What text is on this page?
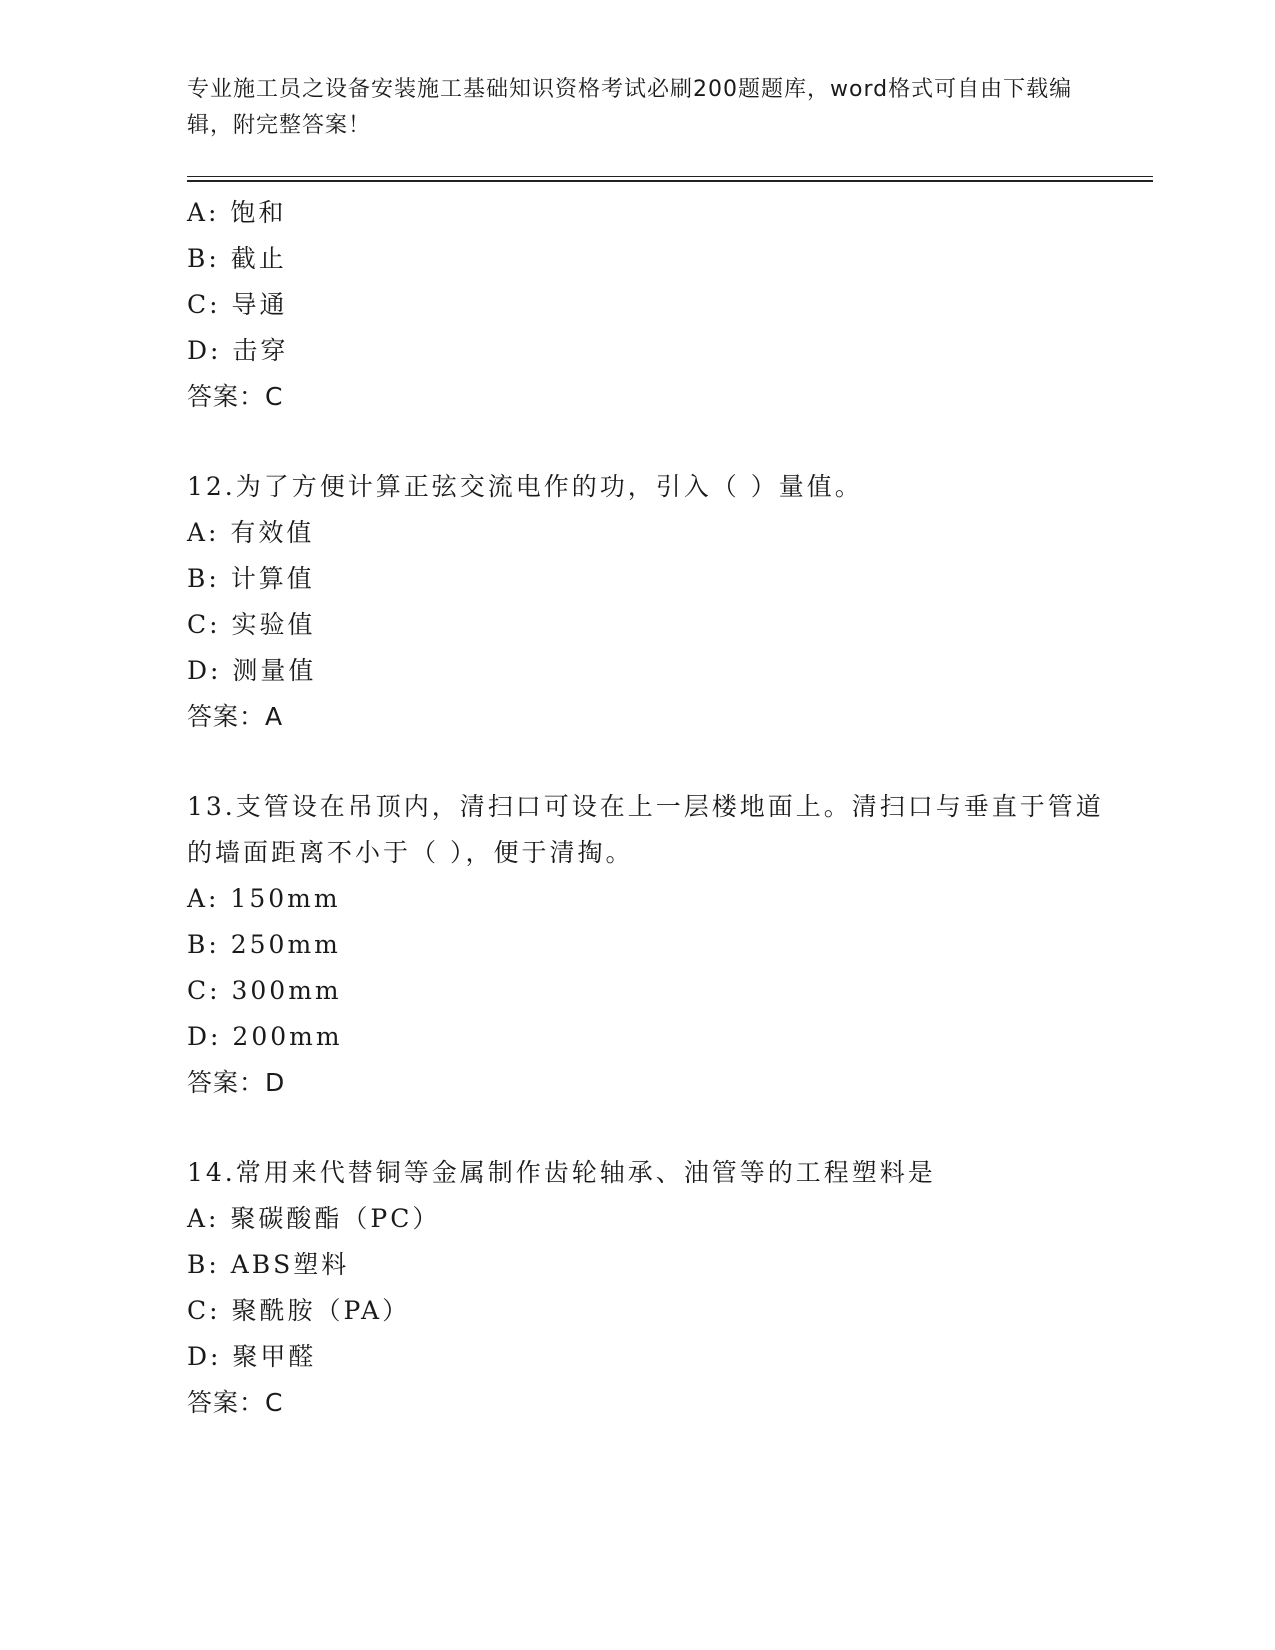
专业施工员之设备安装施工基础知识资格考试必刷200题题库，word格式可自由下载编辑，附完整答案！
A: 饱和
B: 截止
C: 导通
D: 击穿
答案：C
12.为了方便计算正弦交流电作的功，引入（ ）量值。
A: 有效值
B: 计算值
C: 实验值
D: 测量值
答案：A
13.支管设在吊顶内，清扫口可设在上一层楼地面上。清扫口与垂直于管道的墙面距离不小于（ ），便于清掏。
A: 150mm
B: 250mm
C: 300mm
D: 200mm
答案：D
14.常用来代替铜等金属制作齿轮轴承、油管等的工程塑料是
A: 聚碳酸酯（PC）
B: ABS塑料
C: 聚酰胺（PA）
D: 聚甲醛
答案：C
